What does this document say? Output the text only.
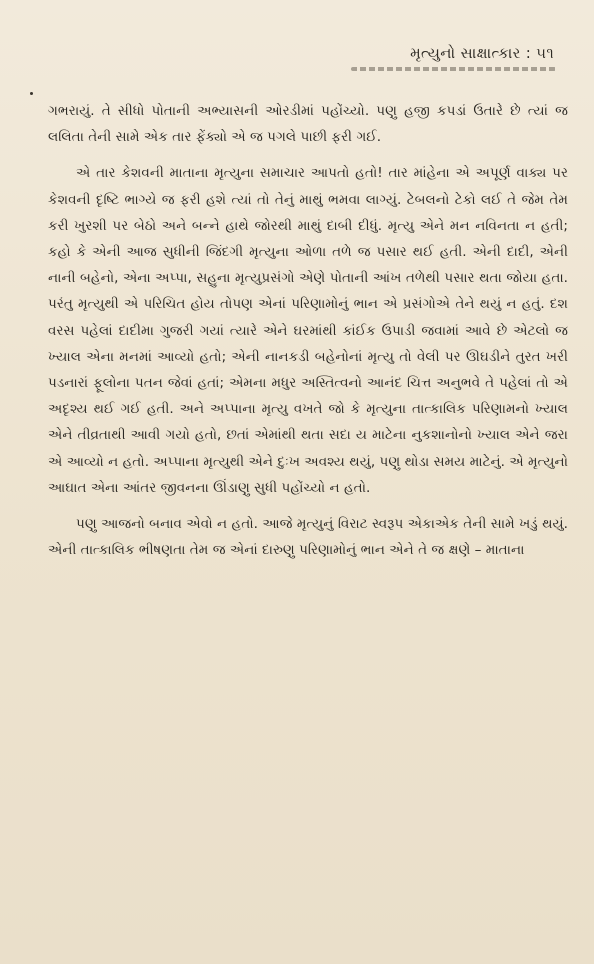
મૃત્યુનો સાક્ષાત્કાર : ૫૧

ગભરાયું. તે સીધો પોતાની અભ્યાસની ઓરડીમાં પહોંચ્યો. પણુ હજી કપડાં ઉતારે છે ત્યાં જ લલિતા તેની સામે એક તાર ફેંક્યો એ જ પગલે પાછી ફરી ગઈ.

એ તાર કેશવની માતાના મૃત્યુના સમાચાર આપતો હતો! તાર માંહેના એ અપૂર્ણ વાક્ય પર કેશવની દૃષ્ટિ ભાગ્યે જ ફરી હશે ત્યાં તો તેનું માથું ભમવા લાગ્યું. ટેબલનો ટેકો લઈ તે જેમ તેમ કરી ખુરશી પર બેઠો અને બન્ને હાથે જોરથી માથું દાબી દીધું. મૃત્યુ એને મન નવિનતા ન હતી; કહો કે એની આજ સુધીની જિંદગી મૃત્યુના ઓળા તળે જ પસાર થઈ હતી. એની દાદી, એની નાની બહેનો, એના અપ્પા, સહુના મૃત્યુપ્રસંગો એણે પોતાની આંખ તળેથી પસાર થતા જોયા હતા. પરંતુ મૃત્યુથી એ પરિચિત હોય તોપણ એનાં પરિણામોનું ભાન એ પ્રસંગોએ તેને થયું ન હતું. દશ વરસ પહેલાં દાદીમા ગુજરી ગયાં ત્યારે એને ઘરમાંથી કાંઈક ઉપાડી જવામાં આવે છે એટલો જ ખ્યાલ એના મનમાં આવ્યો હતો; એની નાનકડી બહેનોનાં મૃત્યુ તો વેલી પર ઊઘડીને તુરત ખરી પડનારાં ફૂલોના પતન જેવાં હતાં; એમના મધુર અસ્તિત્વનો આનંદ ચિત્ત અનુભવે તે પહેલાં તો એ અદૃશ્ય થઈ ગઈ હતી. અને અપ્પાના મૃત્યુ વખતે જો કે મૃત્યુના તાત્કાલિક પરિણામનો ખ્યાલ એને તીવ્રતાથી આવી ગયો હતો, છતાં એમાંથી થતા સદા ય માટેના નુકશાનોનો ખ્યાલ એને જરા એ આવ્યો ન હતો. અપ્પાના મૃત્યુથી એને દુઃખ અવશ્ય થયું, પણુ થોડા સમય માટેનું. એ મૃત્યુનો આઘાત એના આંતર જીવનના ઊંડાણુ સુધી પહોંચ્યો ન હતો.

પણુ આજનો બનાવ એવો ન હતો. આજે મૃત્યુનું વિરાટ સ્વરૂપ એકાએક તેની સામે ખડું થયું. એની તાત્કાલિક ભીષણતા તેમ જ એનાં દારુણુ પરિણામોનું ભાન એને તે જ ક્ષણે – માતાના
